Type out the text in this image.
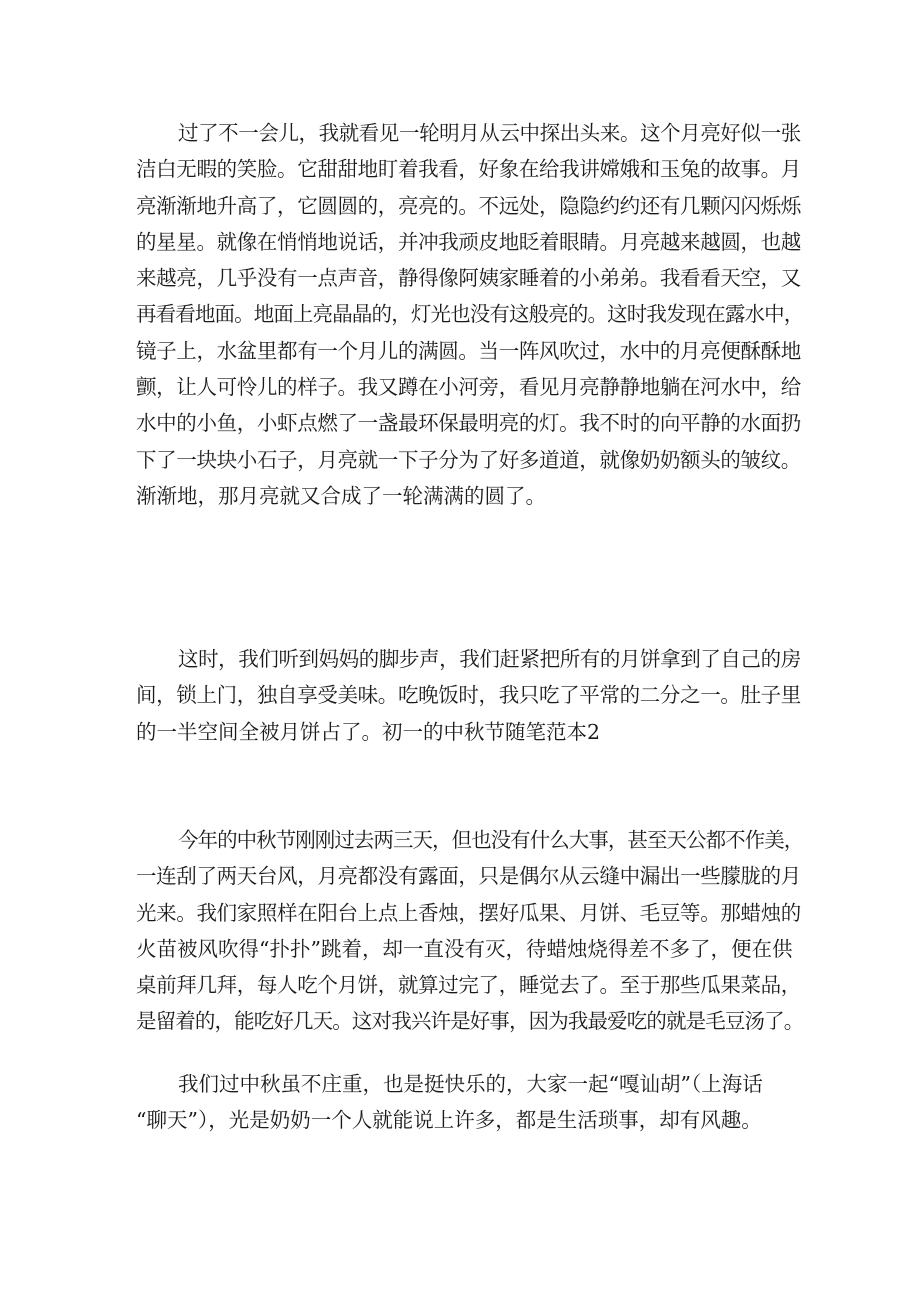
过了不一会儿，我就看见一轮明月从云中探出头来。这个月亮好似一张
洁白无暇的笑脸。它甜甜地盯着我看，好象在给我讲嫦娥和玉兔的故事。月
亮渐渐地升高了，它圆圆的，亮亮的。不远处，隐隐约约还有几颗闪闪烁烁
的星星。就像在悄悄地说话，并冲我顽皮地眨着眼睛。月亮越来越圆，也越
来越亮，几乎没有一点声音，静得像阿姨家睡着的小弟弟。我看看天空，又
再看看地面。地面上亮晶晶的，灯光也没有这般亮的。这时我发现在露水中，
镜子上，水盆里都有一个月儿的满圆。当一阵风吹过，水中的月亮便酥酥地
颤，让人可怜儿的样子。我又蹲在小河旁，看见月亮静静地躺在河水中，给
水中的小鱼，小虾点燃了一盏最环保最明亮的灯。我不时的向平静的水面扔
下了一块块小石子，月亮就一下子分为了好多道道，就像奶奶额头的皱纹。
渐渐地，那月亮就又合成了一轮满满的圆了。
这时，我们听到妈妈的脚步声，我们赶紧把所有的月饼拿到了自己的房
间，锁上门，独自享受美味。吃晚饭时，我只吃了平常的二分之一。肚子里
的一半空间全被月饼占了。初一的中秋节随笔范本2
今年的中秋节刚刚过去两三天，但也没有什么大事，甚至天公都不作美，
一连刮了两天台风，月亮都没有露面，只是偶尔从云缝中漏出一些朦胧的月
光来。我们家照样在阳台上点上香烛，摆好瓜果、月饼、毛豆等。那蜡烛的
火苗被风吹得“扑扑”跳着，却一直没有灭，待蜡烛烧得差不多了，便在供
桌前拜几拜，每人吃个月饼，就算过完了，睡觉去了。至于那些瓜果菜品，
是留着的，能吃好几天。这对我兴许是好事，因为我最爱吃的就是毛豆汤了。
我们过中秋虽不庄重，也是挺快乐的，大家一起“嘎讪胡”（上海话
“聊天”），光是奶奶一个人就能说上许多，都是生活琐事，却有风趣。
